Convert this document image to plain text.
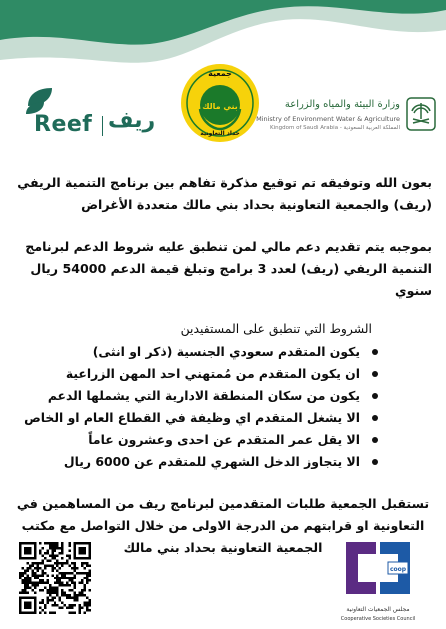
Reef ريف
جمعية
بني مالك
حداد التعاونية
وزارة البيئة والمياه والزراعة
Ministry of Environment Water & Agriculture
Kingdom of Saudi Arabia - المملكة العربية السعودية

بعون الله وتوفيقه تم توقيع مذكرة تفاهم بين برنامج التنمية الريفي (ريف) والجمعية التعاونية بحداد بني مالك متعددة الأغراض

بموجبه يتم تقديم دعم مالي لمن تنطبق عليه شروط الدعم لبرنامج التنمية الريفي (ريف) لعدد 3 برامج وتبلغ قيمة الدعم 54000 ريال سنوي

الشروط التي تنطبق على المستفيدين

يكون المتقدم سعودي الجنسية (ذكر او انثى)
ان يكون المتقدم من مُمتهني احد المهن الزراعية
يكون من سكان المنطقة الادارية التي يشملها الدعم
الا يشغل المتقدم اي وظيفة في القطاع العام او الخاص
الا يقل عمر المتقدم عن احدى وعشرون عاماً
الا يتجاوز الدخل الشهري للمتقدم عن 6000 ريال

تستقبل الجمعية طلبات المتقدمين لبرنامج ريف من المساهمين في التعاونية او قرابتهم من الدرجة الاولى من خلال التواصل مع مكتب الجمعية التعاونية بحداد بني مالك

coop
مجلس الجمعيات التعاونية
Cooperative Societies Council
